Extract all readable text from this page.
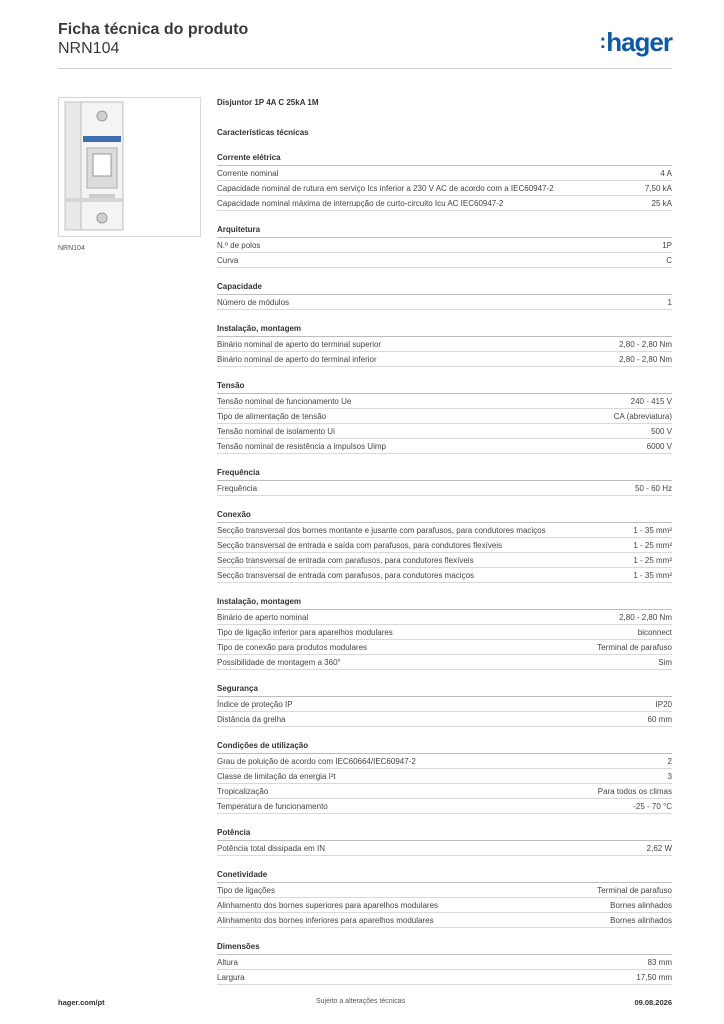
Ficha técnica do produto
NRN104	:hager
NRN104
Disjuntor 1P 4A C 25kA 1M
Características técnicas
Corrente elétrica
Corrente nominal	4 A
Capacidade nominal de rutura em serviço Ics inferior a 230 V AC de acordo com a IEC60947-2	7,50 kA
Capacidade nominal máxima de interrupção de curto-circuito Icu AC IEC60947-2	25 kA
Arquitetura
N.º de polos	1P
Curva	C
Capacidade
Número de módulos	1
Instalação, montagem
Binário nominal de aperto do terminal superior	2,80 - 2,80 Nm
Binário nominal de aperto do terminal inferior	2,80 - 2,80 Nm
Tensão
Tensão nominal de funcionamento Ue	240 - 415 V
Tipo de alimentação de tensão	CA (abreviatura)
Tensão nominal de isolamento Ui	500 V
Tensão nominal de resistência a impulsos Uimp	6000 V
Frequência
Frequência	50 - 60 Hz
Conexão
Secção transversal dos bornes montante e jusante com parafusos, para condutores maciços	1 - 35 mm²
Secção transversal de entrada e saída com parafusos, para condutores flexíveis	1 - 25 mm²
Secção transversal de entrada com parafusos, para condutores flexíveis	1 - 25 mm²
Secção transversal de entrada com parafusos, para condutores maciços	1 - 35 mm²
Instalação, montagem
Binário de aperto nominal	2,80 - 2,80 Nm
Tipo de ligação inferior para aparelhos modulares	biconnect
Tipo de conexão para produtos modulares	Terminal de parafuso
Possibilidade de montagem a 360°	Sim
Segurança
Índice de proteção IP	IP20
Distância da grelha	60 mm
Condições de utilização
Grau de poluição de acordo com IEC60664/IEC60947-2	2
Classe de limitação da energia I²t	3
Tropicalização	Para todos os climas
Temperatura de funcionamento	-25 - 70 °C
Potência
Potência total dissipada em IN	2,62 W
Conetividade
Tipo de ligações	Terminal de parafuso
Alinhamento dos bornes superiores para aparelhos modulares	Bornes alinhados
Alinhamento dos bornes inferiores para aparelhos modulares	Bornes alinhados
Dimensões
Altura	83 mm
Largura	17,50 mm
hager.com/pt	Sujeito a alterações técnicas	09.08.2026
